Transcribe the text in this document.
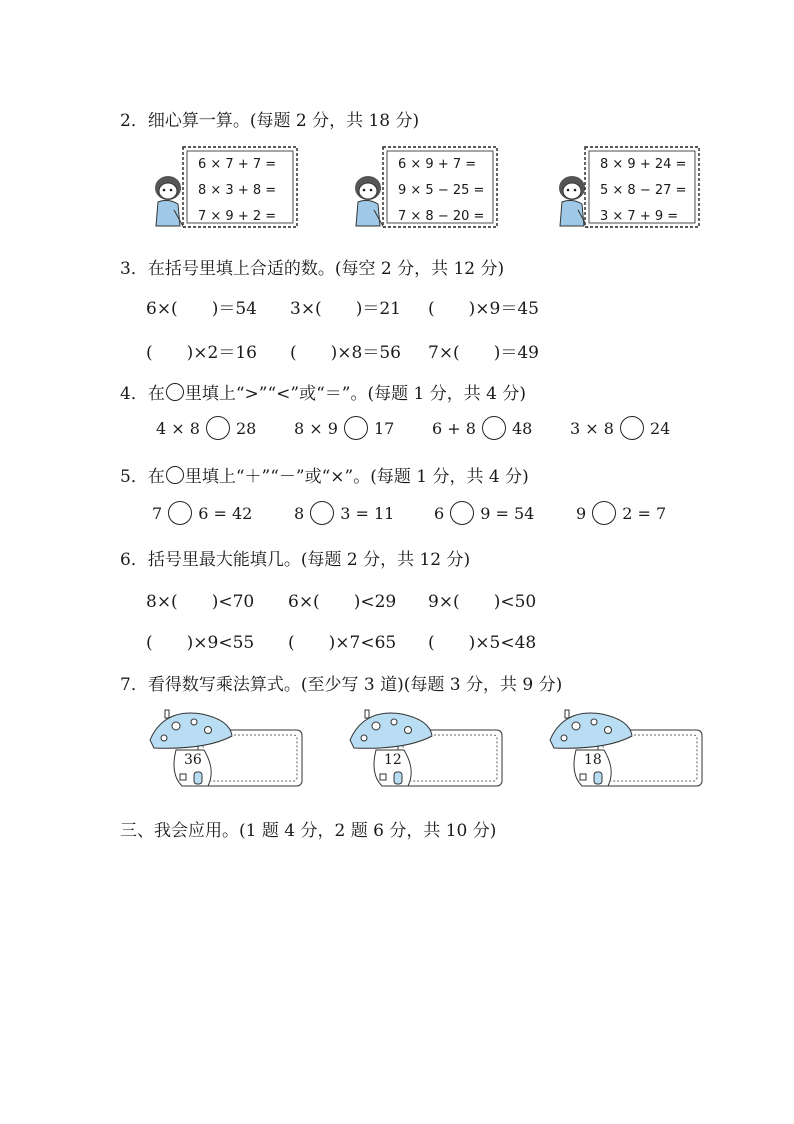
2．细心算一算。(每题 2 分，共 18 分)
6 × 7 + 7 =
8 × 3 + 8 =
7 × 9 + 2 =
6 × 9 + 7 =
9 × 5 − 25 =
7 × 8 − 20 =
8 × 9 + 24 =
5 × 8 − 27 =
3 × 7 + 9 =
3．在括号里填上合适的数。(每空 2 分，共 12 分)
6×(　　)＝54 3×(　　)＝21 (　　)×9＝45
(　　)×2＝16 (　　)×8＝56 7×(　　)＝49
4．在 里填上“>”“<”或“＝”。(每题 1 分，共 4 分)
4 × 8 28 8 × 9 17 6 + 8 48 3 × 8 24
5．在 里填上“＋”“－”或“×”。(每题 1 分，共 4 分)
7 6 = 42	8 3 = 11 6 9 = 54	9 2 = 7
6．括号里最大能填几。(每题 2 分，共 12 分)
8×(　　)<70 6×(　　)<29 9×(　　)<50
(　　)×9<55 (　　)×7<65 (　　)×5<48
7．看得数写乘法算式。(至少写 3 道)(每题 3 分，共 9 分)
36	12	18
三、我会应用。(1 题 4 分，2 题 6 分，共 10 分)
